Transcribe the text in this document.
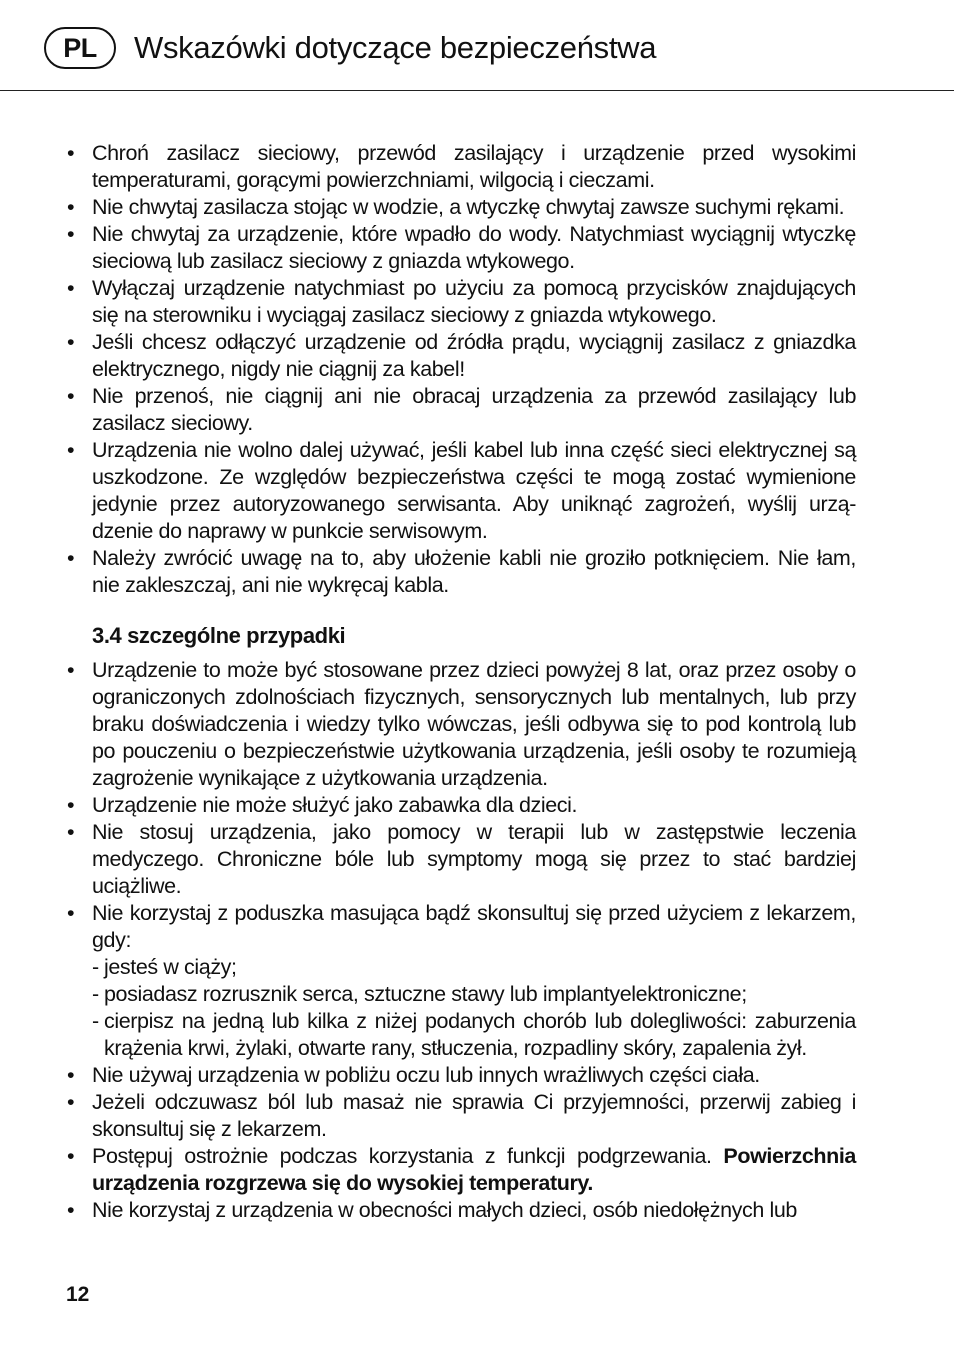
PL	Wskazówki dotyczące bezpieczeństwa
• Chroń zasilacz sieciowy, przewód zasilający i urządzenie przed wysokimi temperaturami, gorącymi powierzchniami, wilgocią i cieczami.
• Nie chwytaj zasilacza stojąc w wodzie, a wtyczkę chwytaj zawsze suchymi rękami.
• Nie chwytaj za urządzenie, które wpadło do wody. Natychmiast wyciągnij wtyczkę sieciową lub zasilacz sieciowy z gniazda wtykowego.
• Wyłączaj urządzenie natychmiast po użyciu za pomocą przycisków znajdujących się na sterowniku i wyciągaj zasilacz sieciowy z gniazda wtykowego.
• Jeśli chcesz odłączyć urządzenie od źródła prądu, wyciągnij zasilacz z gniazdka elektrycznego, nigdy nie ciągnij za kabel!
• Nie przenoś, nie ciągnij ani nie obracaj urządzenia za przewód zasilający lub zasilacz sieciowy.
• Urządzenia nie wolno dalej używać, jeśli kabel lub inna część sieci elektrycznej są uszkodzone. Ze względów bezpieczeństwa części te mogą zostać wymienione jedynie przez autoryzowanego serwisanta. Aby uniknąć zagrożeń, wyślij urzą-dzenie do naprawy w punkcie serwisowym.
• Należy zwrócić uwagę na to, aby ułożenie kabli nie groziło potknięciem. Nie łam, nie zakleszczaj, ani nie wykręcaj kabla.
3.4 szczególne przypadki
• Urządzenie to może być stosowane przez dzieci powyżej 8 lat, oraz przez osoby o ograniczonych zdolnościach fizycznych, sensorycznych lub mentalnych, lub przy braku doświadczenia i wiedzy tylko wówczas, jeśli odbywa się to pod kontrolą lub po pouczeniu o bezpieczeństwie użytkowania urządzenia, jeśli osoby te rozumieją zagrożenie wynikające z użytkowania urządzenia.
• Urządzenie nie może służyć jako zabawka dla dzieci.
• Nie stosuj urządzenia, jako pomocy w terapii lub w zastępstwie leczenia medyczego. Chroniczne bóle lub symptomy mogą się przez to stać bardziej uciążliwe.
• Nie korzystaj z poduszka masująca bądź skonsultuj się przed użyciem z lekarzem, gdy:
- jesteś w ciąży;
- posiadasz rozrusznik serca, sztuczne stawy lub implantyelektroniczne;
- cierpisz na jedną lub kilka z niżej podanych chorób lub dolegliwości: zaburzenia krążenia krwi, żylaki, otwarte rany, stłuczenia, rozpadliny skóry, zapalenia żył.
• Nie używaj urządzenia w pobliżu oczu lub innych wrażliwych części ciała.
• Jeżeli odczuwasz ból lub masaż nie sprawia Ci przyjemności, przerwij zabieg i skonsultuj się z lekarzem.
• Postępuj ostrożnie podczas korzystania z funkcji podgrzewania. Powierzchnia urządzenia rozgrzewa się do wysokiej temperatury.
• Nie korzystaj z urządzenia w obecności małych dzieci, osób niedołężnych lub
12
